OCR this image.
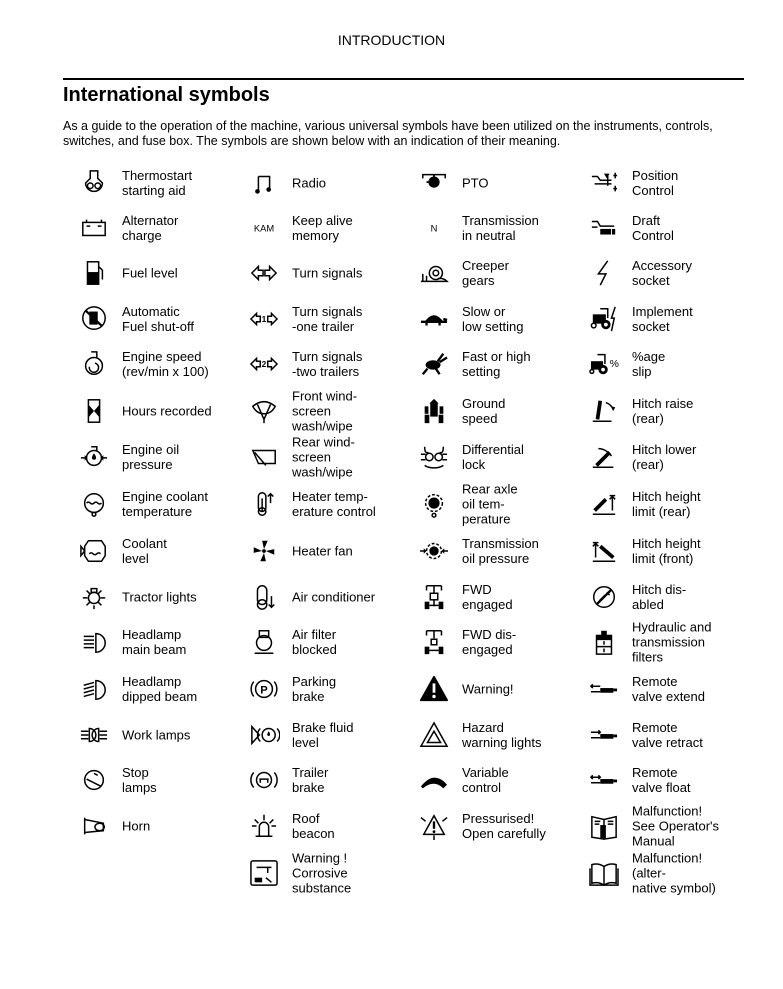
INTRODUCTION
International symbols
As a guide to the operation of the machine, various universal symbols have been utilized on the instruments, controls, switches, and fuse box. The symbols are shown below with an indication of their meaning.
Thermostart
starting aid
Alternator
charge
Fuel level
Automatic
Fuel shut-off
Engine speed
(rev/min x 100)
Hours recorded
Engine oil
pressure
Engine coolant
temperature
Coolant
level
Tractor lights
Headlamp
main beam
Headlamp
dipped beam
Work lamps
Stop
lamps
Horn
Radio
KAM
Keep alive
memory
Turn signals
1 Turn signals
-one trailer
2 Turn signals
-two trailers
Front wind-
screen
wash/wipe
Rear wind-
screen
wash/wipe
Heater temp-
erature control
Heater fan
Air conditioner
Air filter
blocked
P
Parking
brake
Brake fluid
level
Trailer
brake
Roof
beacon
Warning !
Corrosive
substance
PTO
N
Transmission
in neutral
Creeper
gears
Slow or
low setting
Fast or high
setting
Ground
speed
Differential
lock
Rear axle
oil tem-
perature
Transmission
oil pressure
FWD
engaged
FWD dis-
engaged
Warning!
Hazard
warning lights
Variable
control
Pressurised!
Open carefully
Position
Control
Draft
Control
Accessory
socket
Implement
socket
%
%age
slip
Hitch raise
(rear)
Hitch lower
(rear)
Hitch height
limit (rear)
Hitch height
limit (front)
Hitch dis-
abled
Hydraulic and
transmission
filters
Remote
valve extend
Remote
valve retract
Remote
valve float
Malfunction!
See Operator's
Manual
Malfunction!
(alter-
native symbol)
